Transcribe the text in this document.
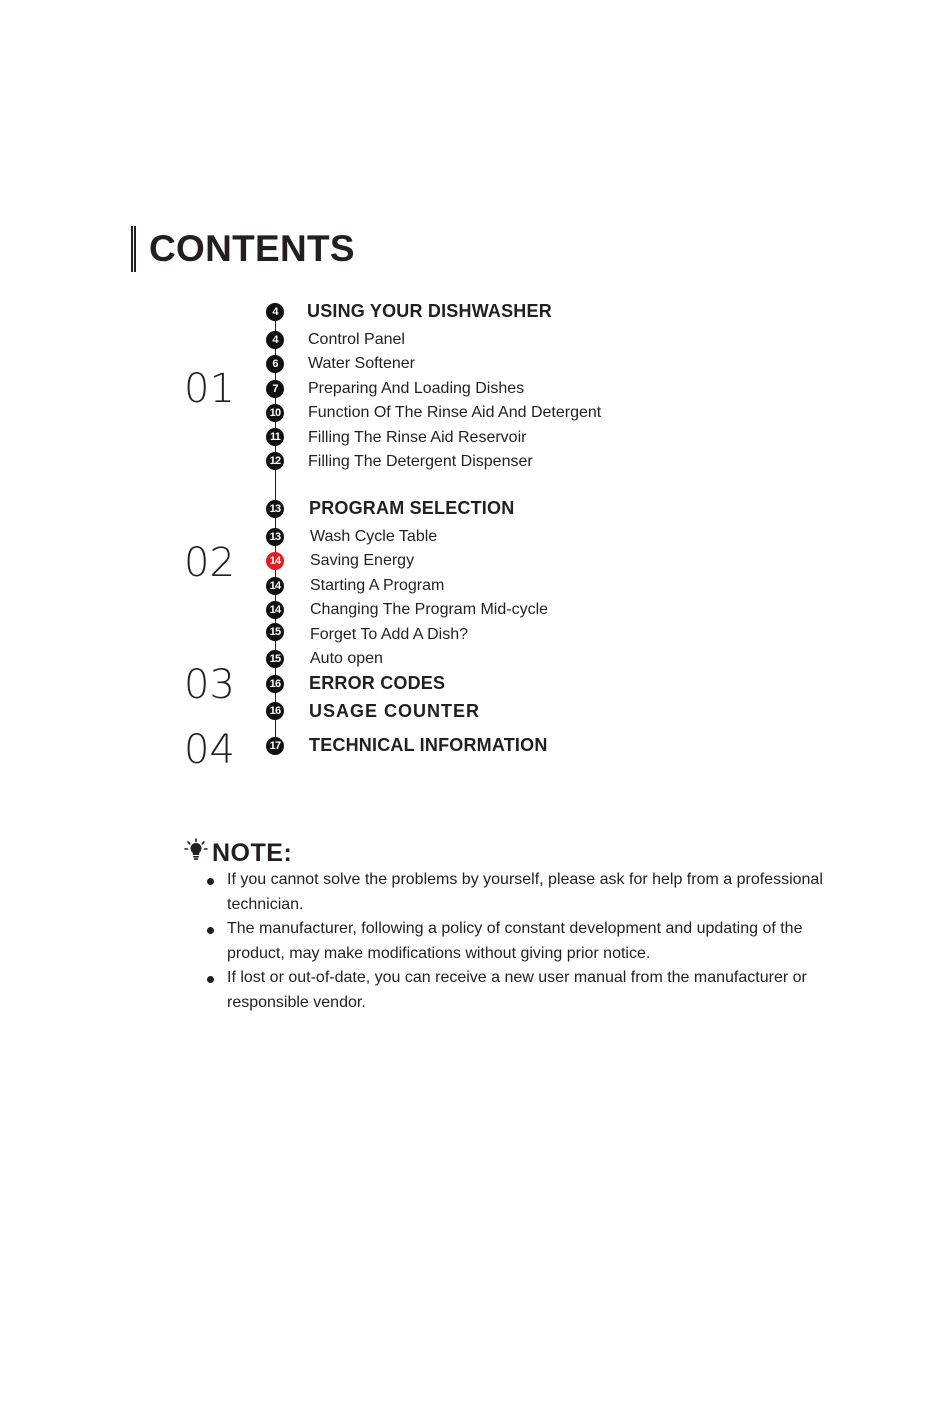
CONTENTS
01
02
03
04
4	USING YOUR DISHWASHER
4	Control Panel
6	Water Softener
7	Preparing And Loading Dishes
10 Function Of The Rinse Aid And Detergent
11 Filling The Rinse Aid Reservoir
12 Filling The Detergent Dispenser
13 PROGRAM SELECTION
13 Wash Cycle Table
14 Saving Energy
14 Starting A Program
14 Changing The Program Mid-cycle
15 Forget To Add A Dish?
15 Auto open
16 ERROR CODES
16 USAGE COUNTER
17 TECHNICAL INFORMATION
NOTE:
If you cannot solve the problems by yourself, please ask for help from a professional technician.
The manufacturer, following a policy of constant development and updating of the product, may make modifications without giving prior notice.
If lost or out-of-date, you can receive a new user manual from the manufacturer or responsible vendor.
